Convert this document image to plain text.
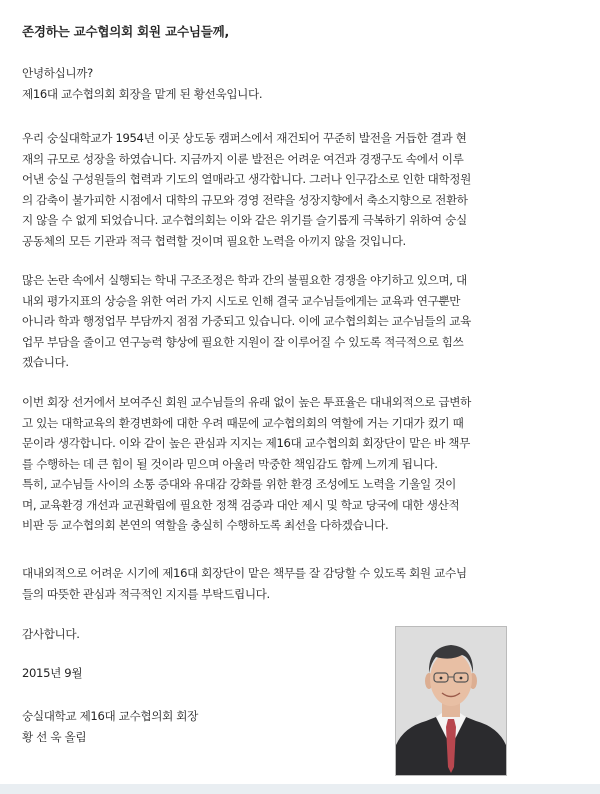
존경하는 교수협의회 회원 교수님들께,

안녕하십니까?
제16대 교수협의회 회장을 맡게 된 황선욱입니다.

우리 숭실대학교가 1954년 이곳 상도동 캠퍼스에서 재건되어 꾸준히 발전을 거듭한 결과 현
재의 규모로 성장을 하였습니다. 지금까지 이룬 발전은 어려운 여건과 경쟁구도 속에서 이루
어낸 숭실 구성원들의 협력과 기도의 열매라고 생각합니다. 그러나 인구감소로 인한 대학정원
의 감축이 불가피한 시점에서 대학의 규모와 경영 전략을 성장지향에서 축소지향으로 전환하
지 않을 수 없게 되었습니다. 교수협의회는 이와 같은 위기를 슬기롭게 극복하기 위하여 숭실
공동체의 모든 기관과 적극 협력할 것이며 필요한 노력을 아끼지 않을 것입니다.

많은 논란 속에서 실행되는 학내 구조조정은 학과 간의 불필요한 경쟁을 야기하고 있으며, 대
내외 평가지표의 상승을 위한 여러 가지 시도로 인해 결국 교수님들에게는 교육과 연구뿐만
아니라 학과 행정업무 부담까지 점점 가중되고 있습니다. 이에 교수협의회는 교수님들의 교육
업무 부담을 줄이고 연구능력 향상에 필요한 지원이 잘 이루어질 수 있도록 적극적으로 힘쓰
겠습니다.

이번 회장 선거에서 보여주신 회원 교수님들의 유래 없이 높은 투표율은 대내외적으로 급변하
고 있는 대학교육의 환경변화에 대한 우려 때문에 교수협의회의 역할에 거는 기대가 컸기 때
문이라 생각합니다. 이와 같이 높은 관심과 지지는 제16대 교수협의회 회장단이 맡은 바 책무
를 수행하는 데 큰 힘이 될 것이라 믿으며 아울러 막중한 책임감도 함께 느끼게 됩니다.
특히, 교수님들 사이의 소통 증대와 유대감 강화를 위한 환경 조성에도 노력을 기울일 것이
며, 교육환경 개선과 교권확립에 필요한 정책 검증과 대안 제시 및 학교 당국에 대한 생산적
비판 등 교수협의회 본연의 역할을 충실히 수행하도록 최선을 다하겠습니다.

대내외적으로 어려운 시기에 제16대 회장단이 맡은 책무를 잘 감당할 수 있도록 회원 교수님
들의 따뜻한 관심과 적극적인 지지를 부탁드립니다.

감사합니다.

2015년 9월

숭실대학교 제16대 교수협의회 회장
황 선 욱 올림
